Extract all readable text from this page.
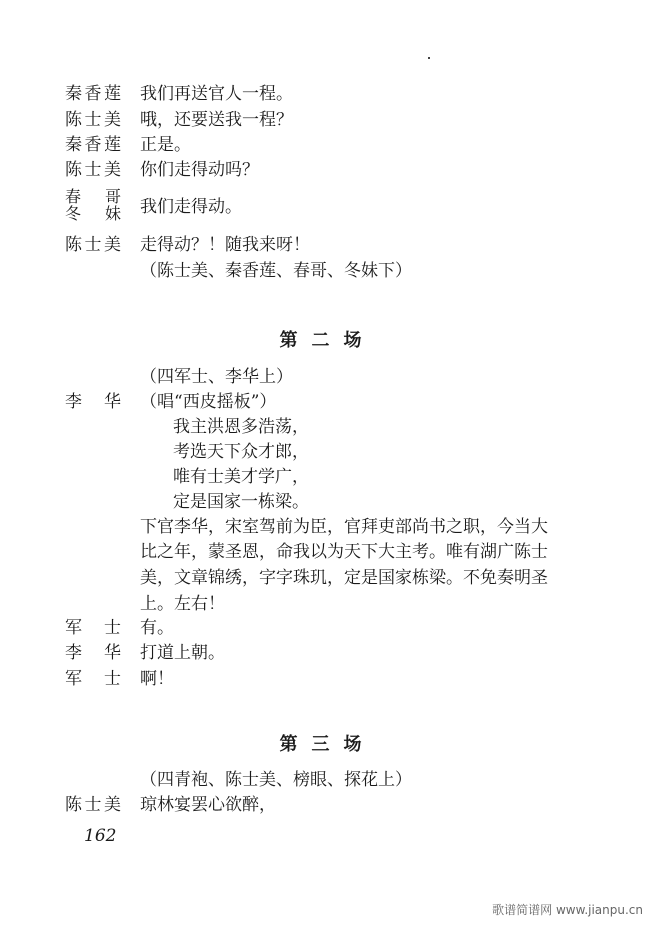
第二场
第三场
162
歌谱简谱网 www.jianpu.cn
秦 香 莲 我们再送官人一程。
陈 士 美 哦，还要送我一程？
秦 香 莲 正是。
陈 士 美 你们走得动吗？
春 哥
冬 妹 我们走得动。
陈 士 美 走得动？！随我来呀！
（陈士美、秦香莲、春哥、冬妹下）
（四军士、李华上）
李 华 （唱“西皮摇板”）
我主洪恩多浩荡，
考选天下众才郎，
唯有士美才学广，
定是国家一栋梁。
下官李华，宋室驾前为臣，官拜吏部尚书之职，今当大
比之年，蒙圣恩，命我以为天下大主考。唯有湖广陈士
美，文章锦绣，字字珠玑，定是国家栋梁。不免奏明圣
上。左右！
军 士 有。
李 华 打道上朝。
军 士 啊！
（四青袍、陈士美、榜眼、探花上）
陈 士 美 琼林宴罢心欲醉，
